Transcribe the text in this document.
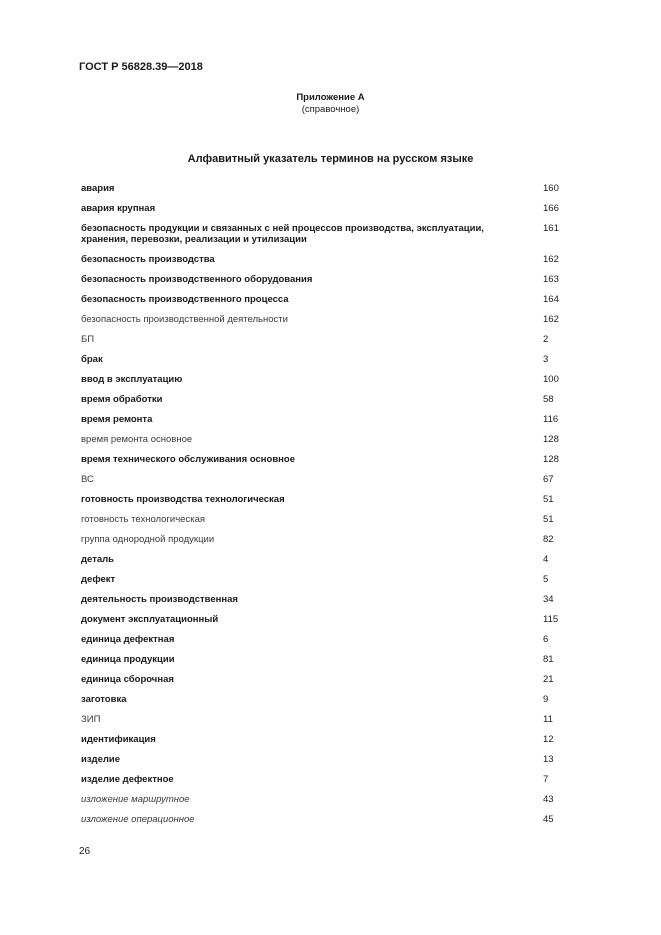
ГОСТ Р 56828.39—2018
Приложение А
(справочное)
Алфавитный указатель терминов на русском языке
авария	160
авария крупная	166
безопасность продукции и связанных с ней процессов производства, эксплуатации, хранения, перевозки, реализации и утилизации
161
безопасность производства	162
безопасность производственного оборудования	163
безопасность производственного процесса	164
безопасность производственной деятельности	162
БП	2
брак	3
ввод в эксплуатацию	100
время обработки	58
время ремонта	116
время ремонта основное	128
время технического обслуживания основное	128
ВС	67
готовность производства технологическая	51
готовность технологическая	51
группа однородной продукции	82
деталь	4
дефект	5
деятельность производственная	34
документ эксплуатационный	115
единица дефектная	6
единица продукции	81
единица сборочная	21
заготовка	9
ЗИП	11
идентификация	12
изделие	13
изделие дефектное	7
изложение маршрутное	43
изложение операционное	45
26
